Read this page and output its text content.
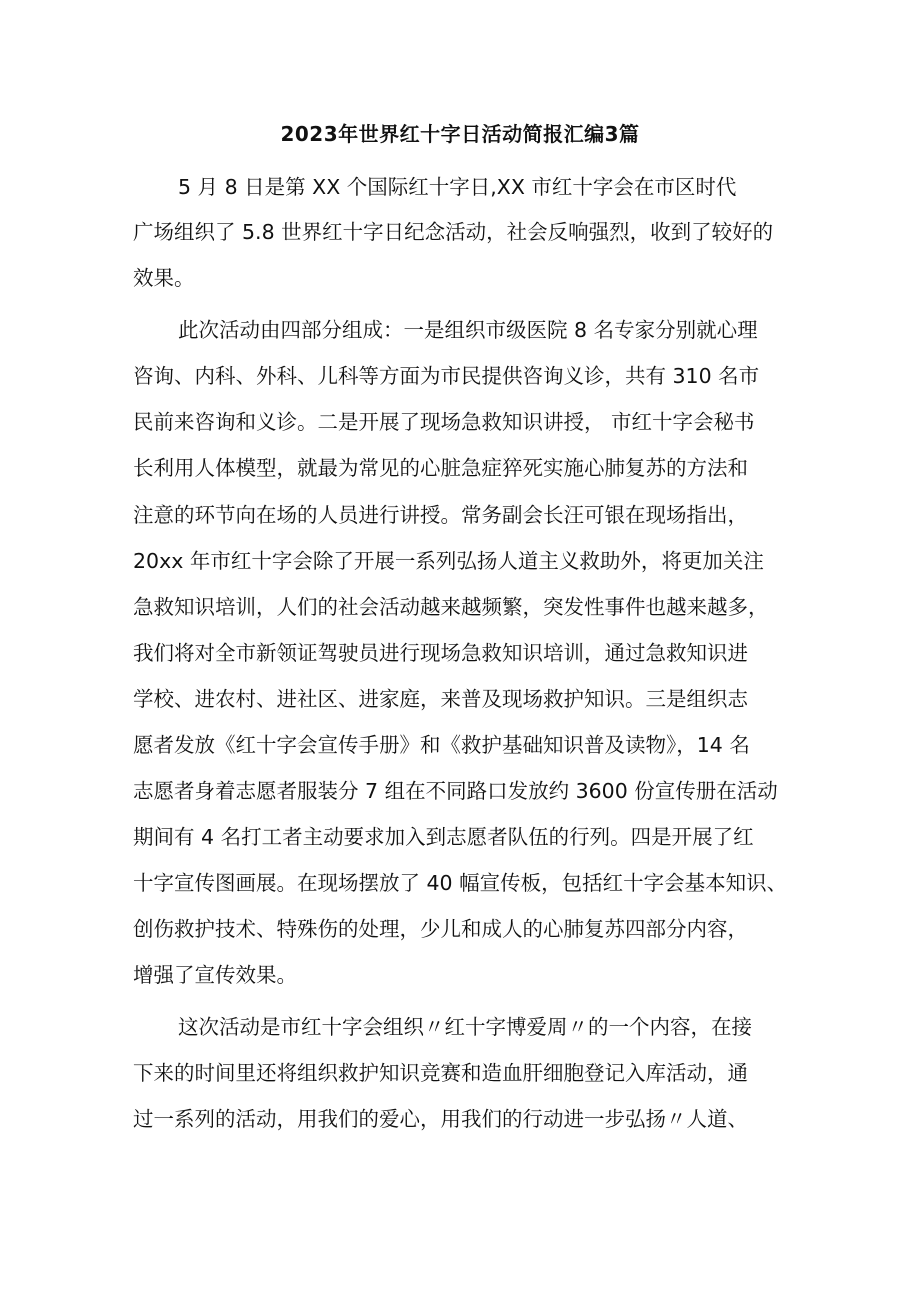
2023年世界红十字日活动简报汇编3篇
5 月 8 日是第 XX 个国际红十字日,XX 市红十字会在市区时代
广场组织了 5.8 世界红十字日纪念活动，社会反响强烈，收到了较好的
效果。
此次活动由四部分组成：一是组织市级医院 8 名专家分别就心理
咨询、内科、外科、儿科等方面为市民提供咨询义诊，共有 310 名市
民前来咨询和义诊。二是开展了现场急救知识讲授， 市红十字会秘书
长利用人体模型，就最为常见的心脏急症猝死实施心肺复苏的方法和
注意的环节向在场的人员进行讲授。常务副会长汪可银在现场指出，
20xx 年市红十字会除了开展一系列弘扬人道主义救助外，将更加关注
急救知识培训，人们的社会活动越来越频繁，突发性事件也越来越多，
我们将对全市新领证驾驶员进行现场急救知识培训，通过急救知识进
学校、进农村、进社区、进家庭，来普及现场救护知识。三是组织志
愿者发放《红十字会宣传手册》和《救护基础知识普及读物》，14 名
志愿者身着志愿者服装分 7 组在不同路口发放约 3600 份宣传册在活动
期间有 4 名打工者主动要求加入到志愿者队伍的行列。四是开展了红
十字宣传图画展。在现场摆放了 40 幅宣传板，包括红十字会基本知识、
创伤救护技术、特殊伤的处理，少儿和成人的心肺复苏四部分内容，
增强了宣传效果。
这次活动是市红十字会组织〃红十字博爱周〃的一个内容，在接
下来的时间里还将组织救护知识竞赛和造血肝细胞登记入库活动，通
过一系列的活动，用我们的爱心，用我们的行动进一步弘扬〃人道、
